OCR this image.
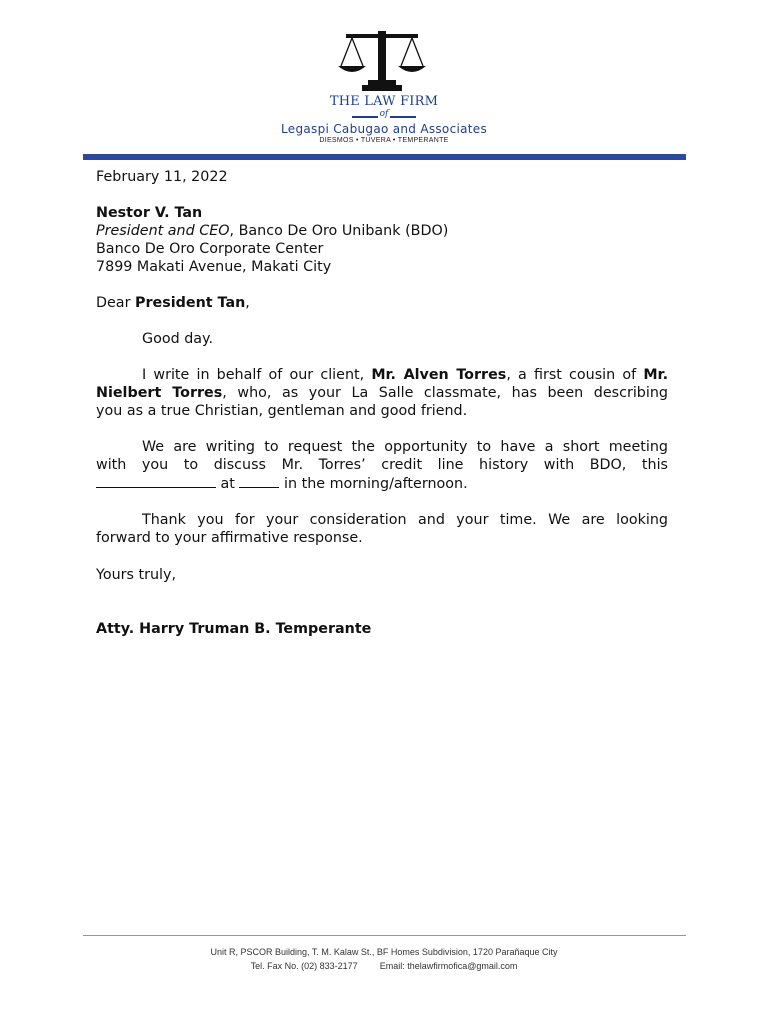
THE LAW FIRM
of
Legaspi Cabugao and Associates
DIESMOS • TUVERA • TEMPERANTE
February 11, 2022
Nestor V. Tan
President and CEO, Banco De Oro Unibank (BDO)
Banco De Oro Corporate Center
7899 Makati Avenue, Makati City
Dear President Tan,
Good day.
I write in behalf of our client, Mr. Alven Torres, a first cousin of Mr.
Nielbert Torres, who, as your La Salle classmate, has been describing
you as a true Christian, gentleman and good friend.
We are writing to request the opportunity to have a short meeting
with you to discuss Mr. Torres’ credit line history with BDO, this
at	in the morning/afternoon.
Thank you for your consideration and your time. We are looking
forward to your affirmative response.
Yours truly,
Atty. Harry Truman B. Temperante
Unit R, PSCOR Building, T. M. Kalaw St., BF Homes Subdivision, 1720 Parañaque City
Tel. Fax No. (02) 833-2177 Email: thelawfirmofica@gmail.com
